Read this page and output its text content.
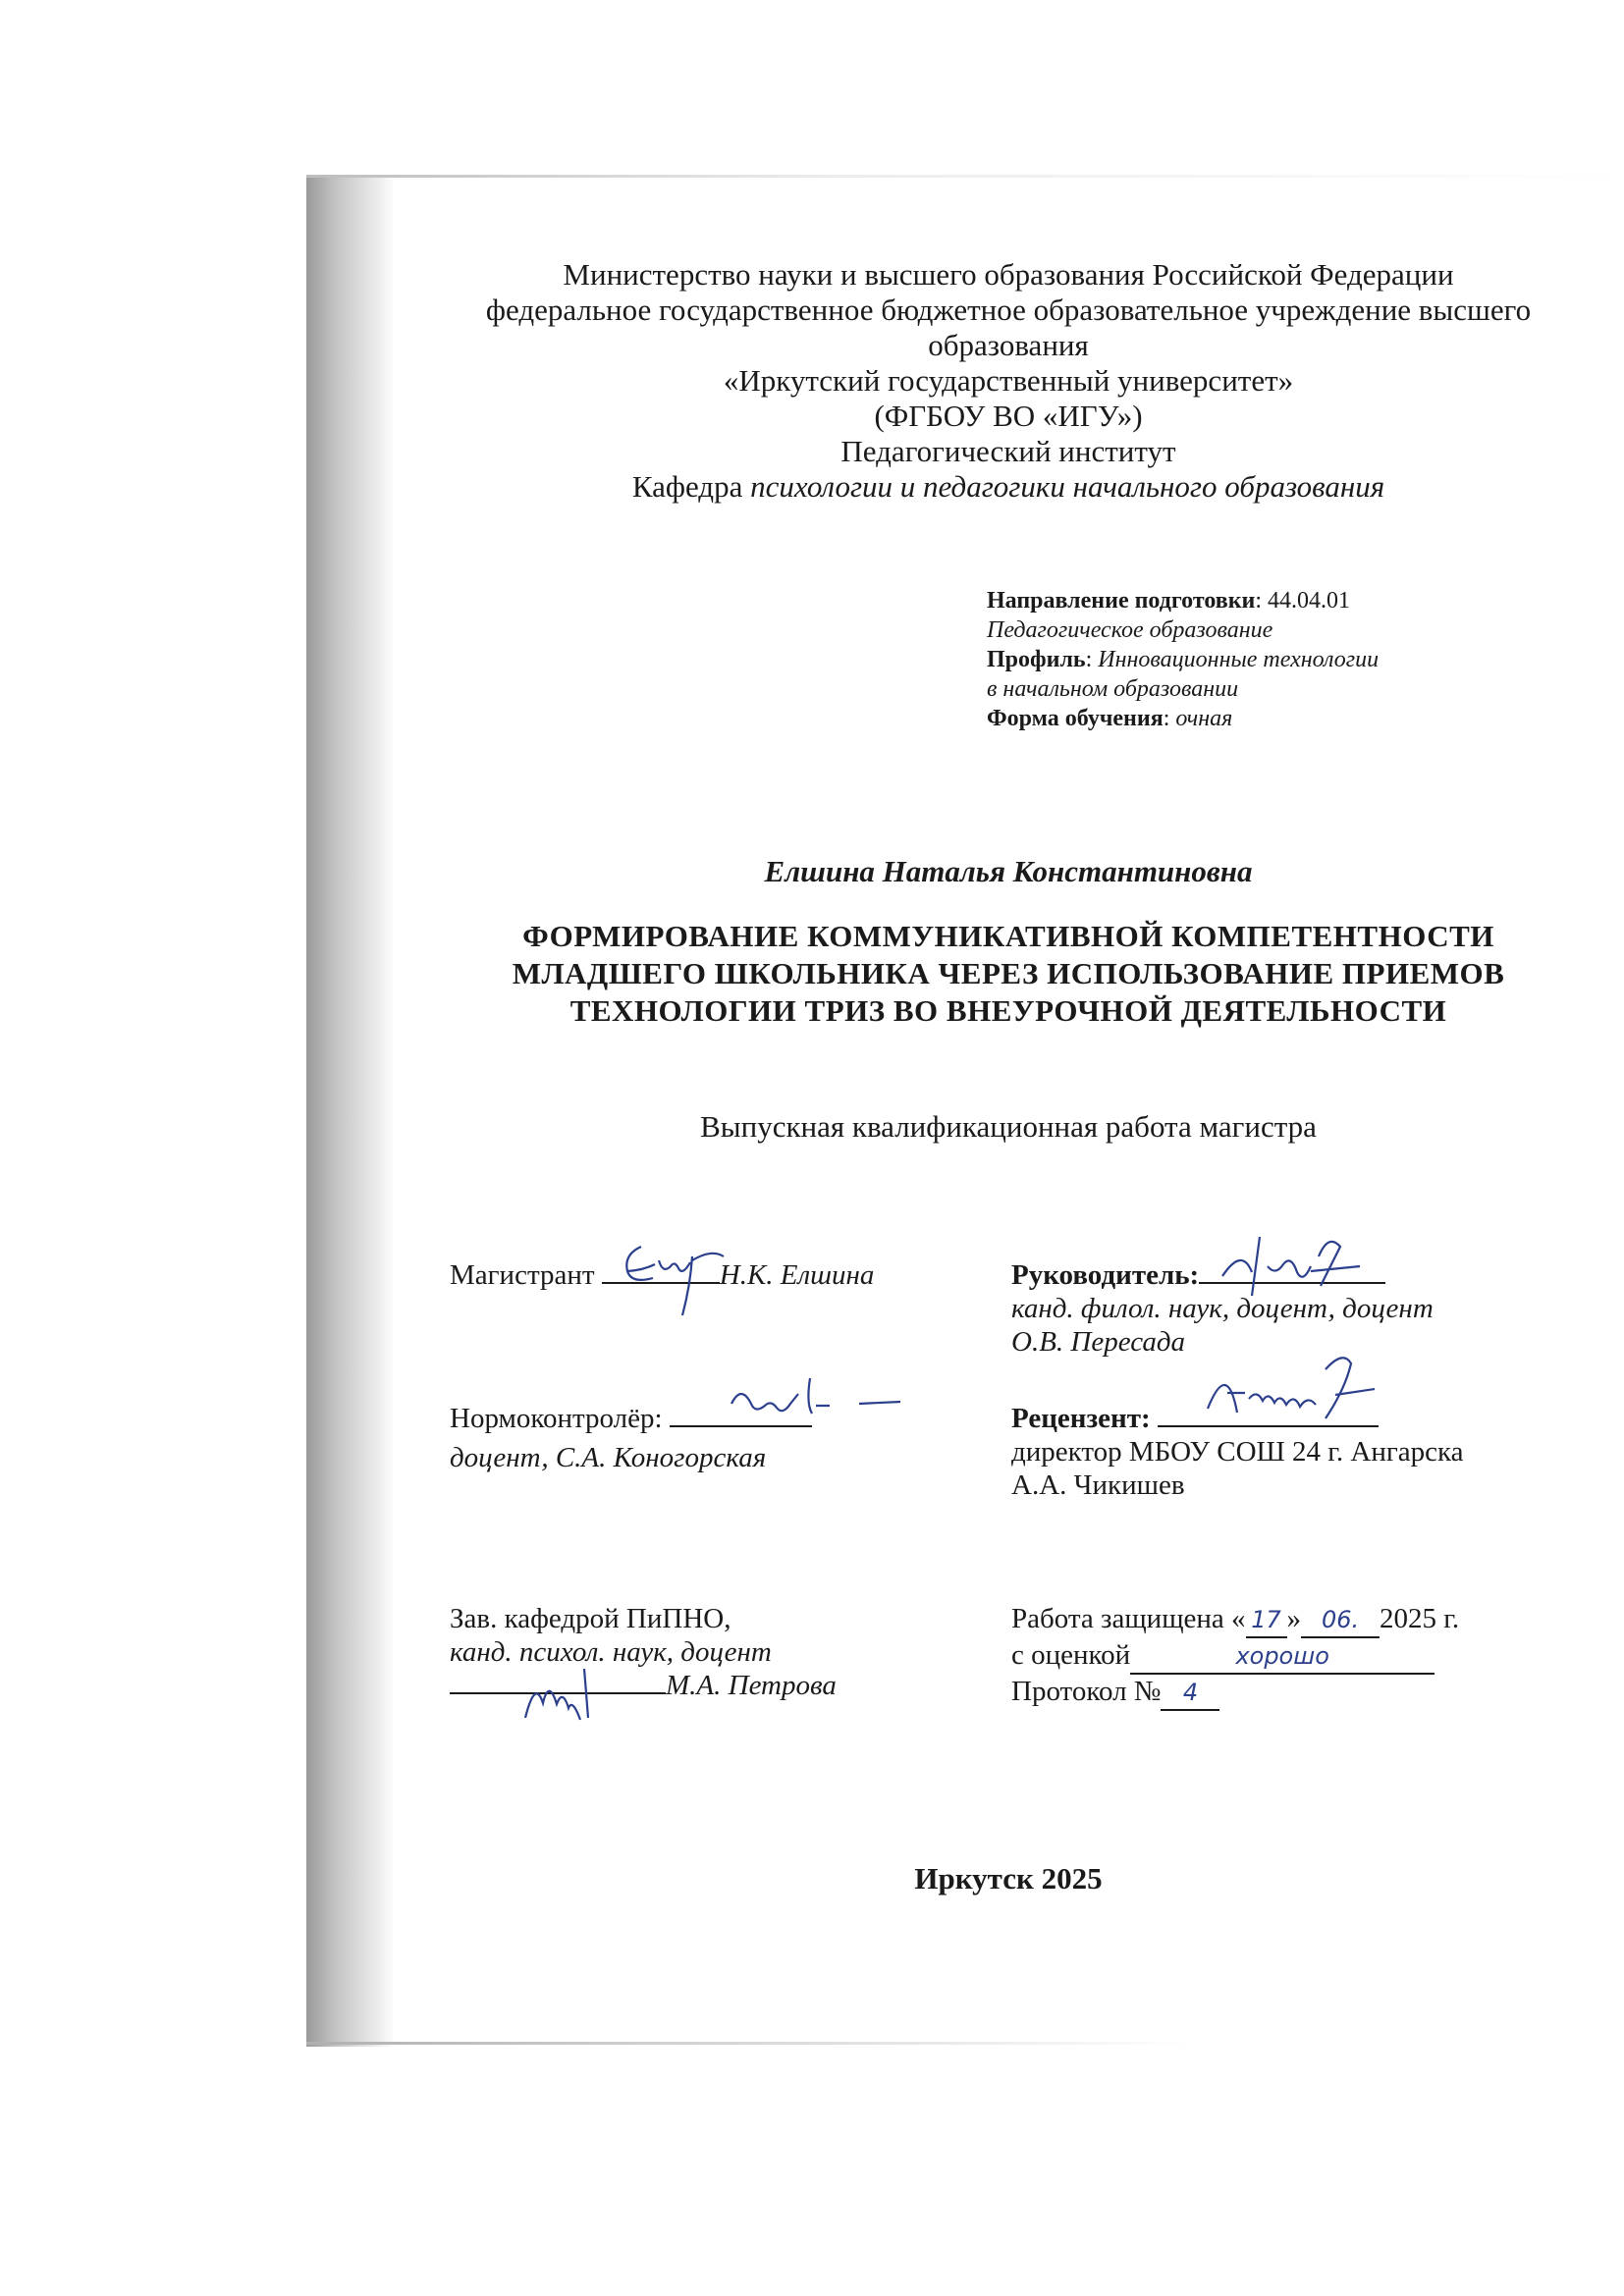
Министерство науки и высшего образования Российской Федерации
федеральное государственное бюджетное образовательное учреждение высшего
образования
«Иркутский государственный университет»
(ФГБОУ ВО «ИГУ»)
Педагогический институт
Кафедра психологии и педагогики начального образования
Направление подготовки: 44.04.01
Педагогическое образование
Профиль: Инновационные технологии
в начальном образовании
Форма обучения: очная
Елшина Наталья Константиновна
ФОРМИРОВАНИЕ КОММУНИКАТИВНОЙ КОМПЕТЕНТНОСТИ
МЛАДШЕГО ШКОЛЬНИКА ЧЕРЕЗ ИСПОЛЬЗОВАНИЕ ПРИЕМОВ
ТЕХНОЛОГИИ ТРИЗ ВО ВНЕУРОЧНОЙ ДЕЯТЕЛЬНОСТИ
Выпускная квалификационная работа магистра
Магистрант	Н.К. Елшина
Нормоконтролёр:
доцент, С.А. Коногорская
Зав. кафедрой ПиПНО,
канд. психол. наук, доцент
М.А. Петрова
Руководитель:
канд. филол. наук, доцент, доцент
О.В. Пересада
Рецензент:
директор МБОУ СОШ 24 г. Ангарска
А.А. Чикишев
Работа защищена « 17 » 06. 2025 г.
с оценкой	хорошо
Протокол № 4
Иркутск 2025
